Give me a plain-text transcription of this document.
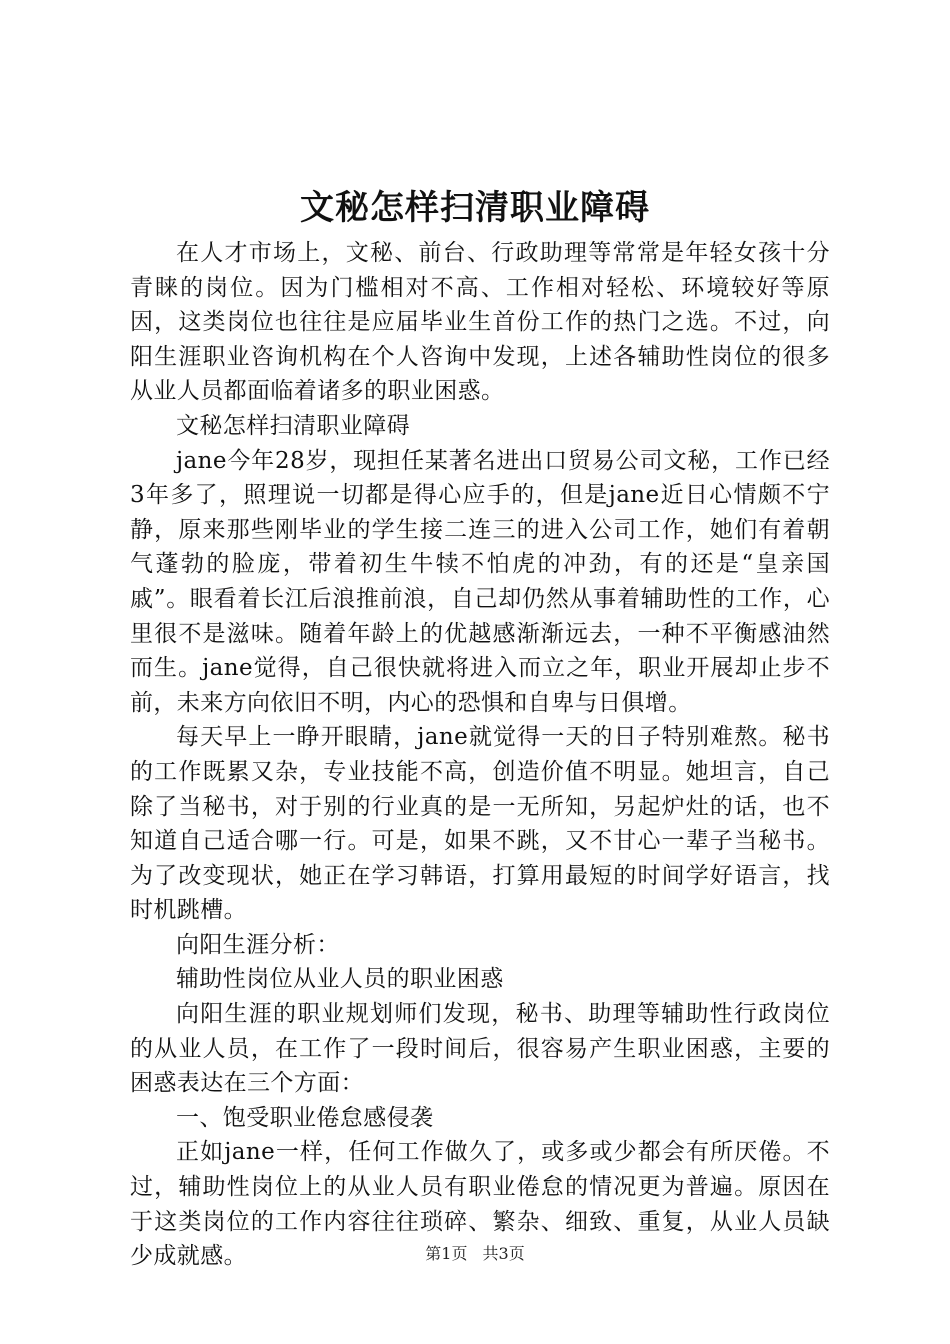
文秘怎样扫清职业障碍

在人才市场上，文秘、前台、行政助理等常常是年轻女孩十分青睐的岗位。因为门槛相对不高、工作相对轻松、环境较好等原因，这类岗位也往往是应届毕业生首份工作的热门之选。不过，向阳生涯职业咨询机构在个人咨询中发现，上述各辅助性岗位的很多从业人员都面临着诸多的职业困惑。

文秘怎样扫清职业障碍

jane今年28岁，现担任某著名进出口贸易公司文秘，工作已经3年多了，照理说一切都是得心应手的，但是jane近日心情颇不宁静，原来那些刚毕业的学生接二连三的进入公司工作，她们有着朝气蓬勃的脸庞，带着初生牛犊不怕虎的冲劲，有的还是“皇亲国戚”。眼看着长江后浪推前浪，自己却仍然从事着辅助性的工作，心里很不是滋味。随着年龄上的优越感渐渐远去，一种不平衡感油然而生。jane觉得，自己很快就将进入而立之年，职业开展却止步不前，未来方向依旧不明，内心的恐惧和自卑与日俱增。

每天早上一睁开眼睛，jane就觉得一天的日子特别难熬。秘书的工作既累又杂，专业技能不高，创造价值不明显。她坦言，自己除了当秘书，对于别的行业真的是一无所知，另起炉灶的话，也不知道自己适合哪一行。可是，如果不跳，又不甘心一辈子当秘书。为了改变现状，她正在学习韩语，打算用最短的时间学好语言，找时机跳槽。

向阳生涯分析：

辅助性岗位从业人员的职业困惑

向阳生涯的职业规划师们发现，秘书、助理等辅助性行政岗位的从业人员，在工作了一段时间后，很容易产生职业困惑，主要的困惑表达在三个方面：

一、饱受职业倦怠感侵袭

正如jane一样，任何工作做久了，或多或少都会有所厌倦。不过，辅助性岗位上的从业人员有职业倦怠的情况更为普遍。原因在于这类岗位的工作内容往往琐碎、繁杂、细致、重复，从业人员缺少成就感。	第1页 共3页
